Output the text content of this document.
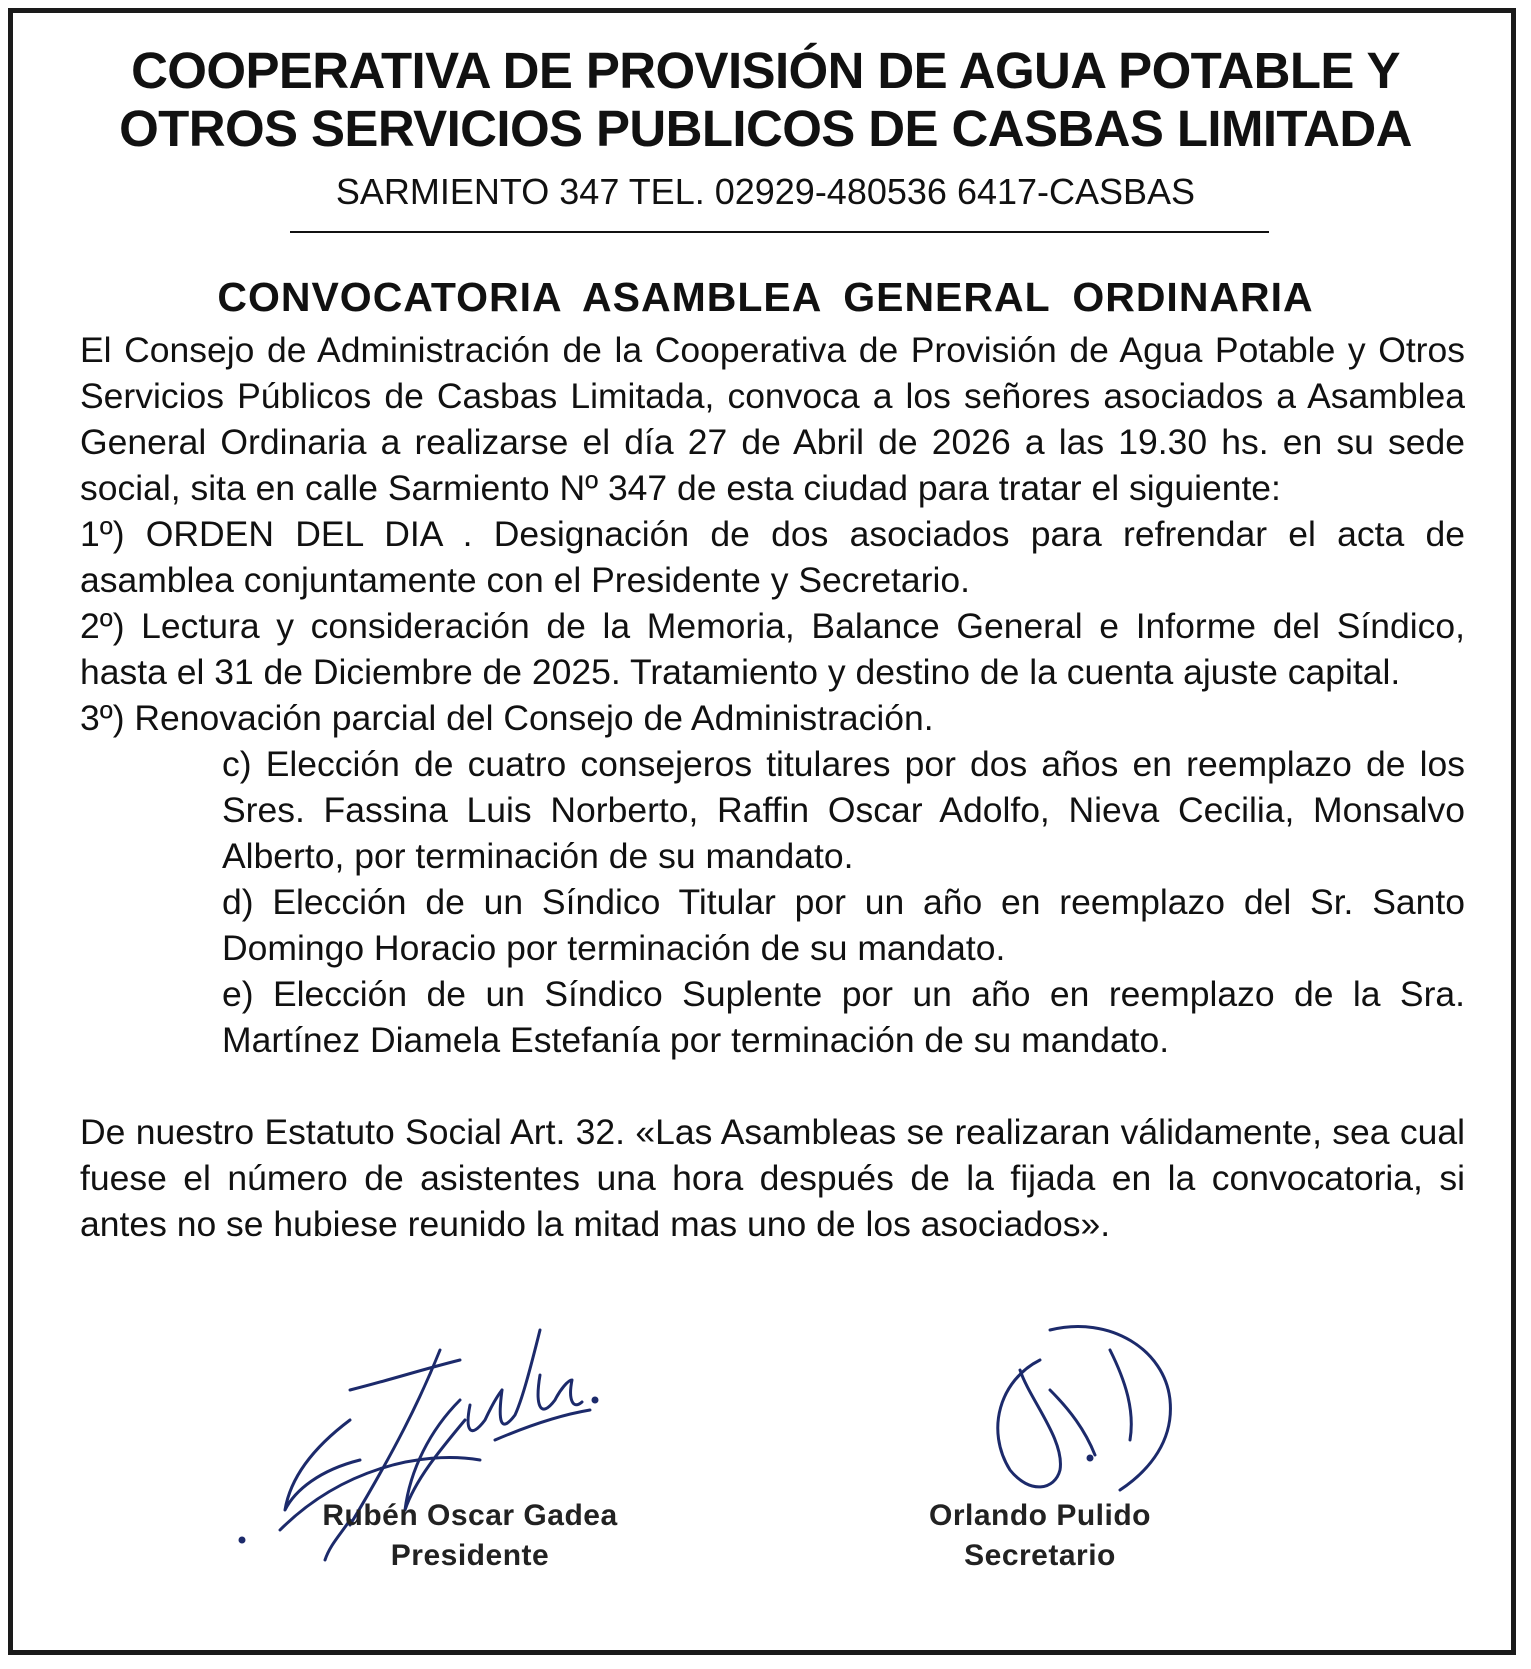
COOPERATIVA DE PROVISIÓN DE AGUA POTABLE Y
OTROS SERVICIOS PUBLICOS DE CASBAS LIMITADA
SARMIENTO 347 TEL. 02929-480536 6417-CASBAS
CONVOCATORIA ASAMBLEA GENERAL ORDINARIA

El Consejo de Administración de la Cooperativa de Provisión de Agua Potable y Otros Servicios Públicos de Casbas Limitada, convoca a los señores asociados a Asamblea General Ordinaria a realizarse el día 27 de Abril de 2026 a las 19.30 hs. en su sede social, sita en calle Sarmiento Nº 347 de esta ciudad para tratar el siguiente:

1º) ORDEN DEL DIA . Designación de dos asociados para refrendar el acta de asamblea conjuntamente con el Presidente y Secretario.

2º) Lectura y consideración de la Memoria, Balance General e Informe del Síndico, hasta el 31 de Diciembre de 2025. Tratamiento y destino de la cuenta ajuste capital.

3º) Renovación parcial del Consejo de Administración.

c) Elección de cuatro consejeros titulares por dos años en reemplazo de los Sres. Fassina Luis Norberto, Raffin Oscar Adolfo, Nieva Cecilia, Monsalvo Alberto, por terminación de su mandato.

d) Elección de un Síndico Titular por un año en reemplazo del Sr. Santo Domingo Horacio por terminación de su mandato.

e) Elección de un Síndico Suplente por un año en reemplazo de la Sra. Martínez Diamela Estefanía por terminación de su mandato.

De nuestro Estatuto Social Art. 32. «Las Asambleas se realizaran válidamente, sea cual fuese el número de asistentes una hora después de la fijada en la convocatoria, si antes no se hubiese reunido la mitad mas uno de los asociados».

Rubén Oscar Gadea
Presidente
Orlando Pulido
Secretario
